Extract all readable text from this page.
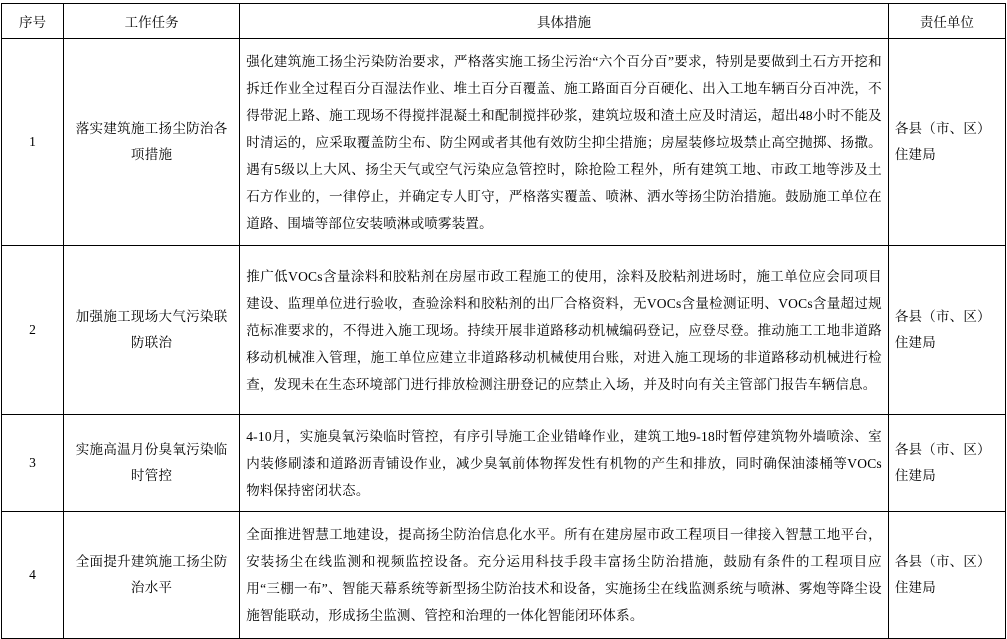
序号	工作任务	具体措施	责任单位
1	落实建筑施工扬尘防治各项措施	强化建筑施工扬尘污染防治要求，严格落实施工扬尘污治“六个百分百”要求，特别是要做到土石方开挖和拆迁作业全过程百分百湿法作业、堆土百分百覆盖、施工路面百分百硬化、出入工地车辆百分百冲洗，不得带泥上路、施工现场不得搅拌混凝土和配制搅拌砂浆，建筑垃圾和渣土应及时清运，超出48小时不能及时清运的，应采取覆盖防尘布、防尘网或者其他有效防尘抑尘措施；房屋装修垃圾禁止高空抛掷、扬撒。遇有5级以上大风、扬尘天气或空气污染应急管控时，除抢险工程外，所有建筑工地、市政工地等涉及土石方作业的，一律停止，并确定专人盯守，严格落实覆盖、喷淋、洒水等扬尘防治措施。鼓励施工单位在道路、围墙等部位安装喷淋或喷雾装置。	各县（市、区）住建局
2	加强施工现场大气污染联防联治	推广低VOCs含量涂料和胶粘剂在房屋市政工程施工的使用，涂料及胶粘剂进场时，施工单位应会同项目建设、监理单位进行验收，查验涂料和胶粘剂的出厂合格资料，无VOCs含量检测证明、VOCs含量超过规范标准要求的，不得进入施工现场。持续开展非道路移动机械编码登记，应登尽登。推动施工工地非道路移动机械准入管理，施工单位应建立非道路移动机械使用台账，对进入施工现场的非道路移动机械进行检查，发现未在生态环境部门进行排放检测注册登记的应禁止入场，并及时向有关主管部门报告车辆信息。	各县（市、区）住建局
3	实施高温月份臭氧污染临时管控	4-10月，实施臭氧污染临时管控，有序引导施工企业错峰作业，建筑工地9-18时暂停建筑物外墙喷涂、室内装修刷漆和道路沥青铺设作业，减少臭氧前体物挥发性有机物的产生和排放，同时确保油漆桶等VOCs物料保持密闭状态。	各县（市、区）住建局
4	全面提升建筑施工扬尘防治水平	全面推进智慧工地建设，提高扬尘防治信息化水平。所有在建房屋市政工程项目一律接入智慧工地平台，安装扬尘在线监测和视频监控设备。充分运用科技手段丰富扬尘防治措施，鼓励有条件的工程项目应用“三棚一布”、智能天幕系统等新型扬尘防治技术和设备，实施扬尘在线监测系统与喷淋、雾炮等降尘设施智能联动，形成扬尘监测、管控和治理的一体化智能闭环体系。	各县（市、区）住建局
